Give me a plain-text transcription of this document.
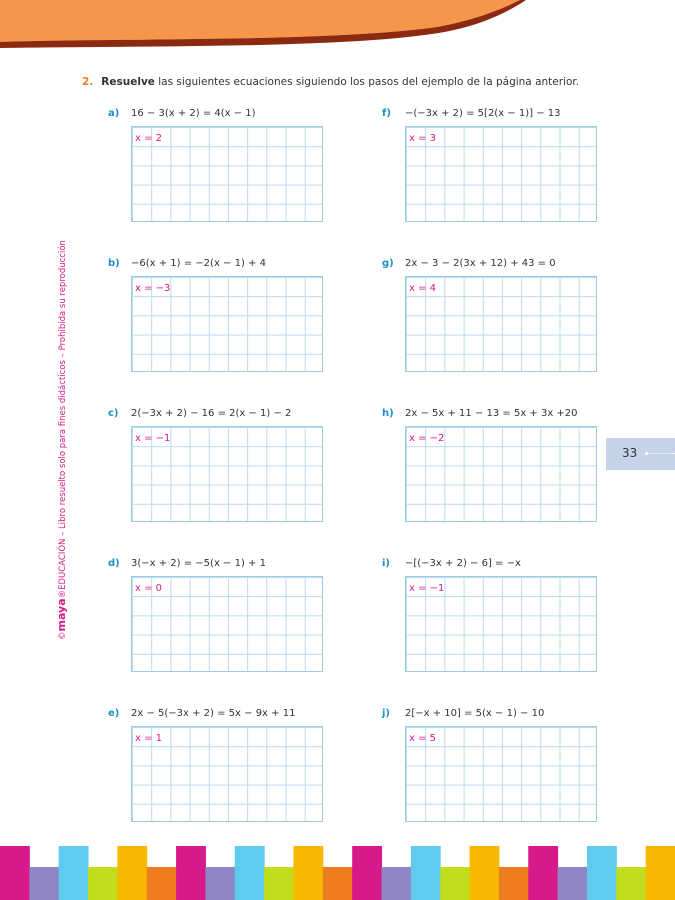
©maya®EDUCACIÓN – Libro resuelto solo para fines didácticos – Prohibida su reproducción
2. Resuelve las siguientes ecuaciones siguiendo los pasos del ejemplo de la página anterior.
a) 16 − 3(x + 2) = 4(x − 1)
x = 2
b) −6(x + 1) = −2(x − 1) + 4
x = −3
c) 2(−3x + 2) − 16 = 2(x − 1) − 2
x = −1
d) 3(−x + 2) = −5(x − 1) + 1
x = 0
e) 2x − 5(−3x + 2) = 5x − 9x + 11
x = 1
f) −(−3x + 2) = 5[2(x − 1)] − 13
x = 3
g) 2x − 3 − 2(3x + 12) + 43 = 0
x = 4
h) 2x − 5x + 11 − 13 = 5x + 3x +20
x = −2
i) −[(−3x + 2) − 6] = −x
x = −1
j) 2[−x + 10] = 5(x − 1) − 10
x = 5
33
